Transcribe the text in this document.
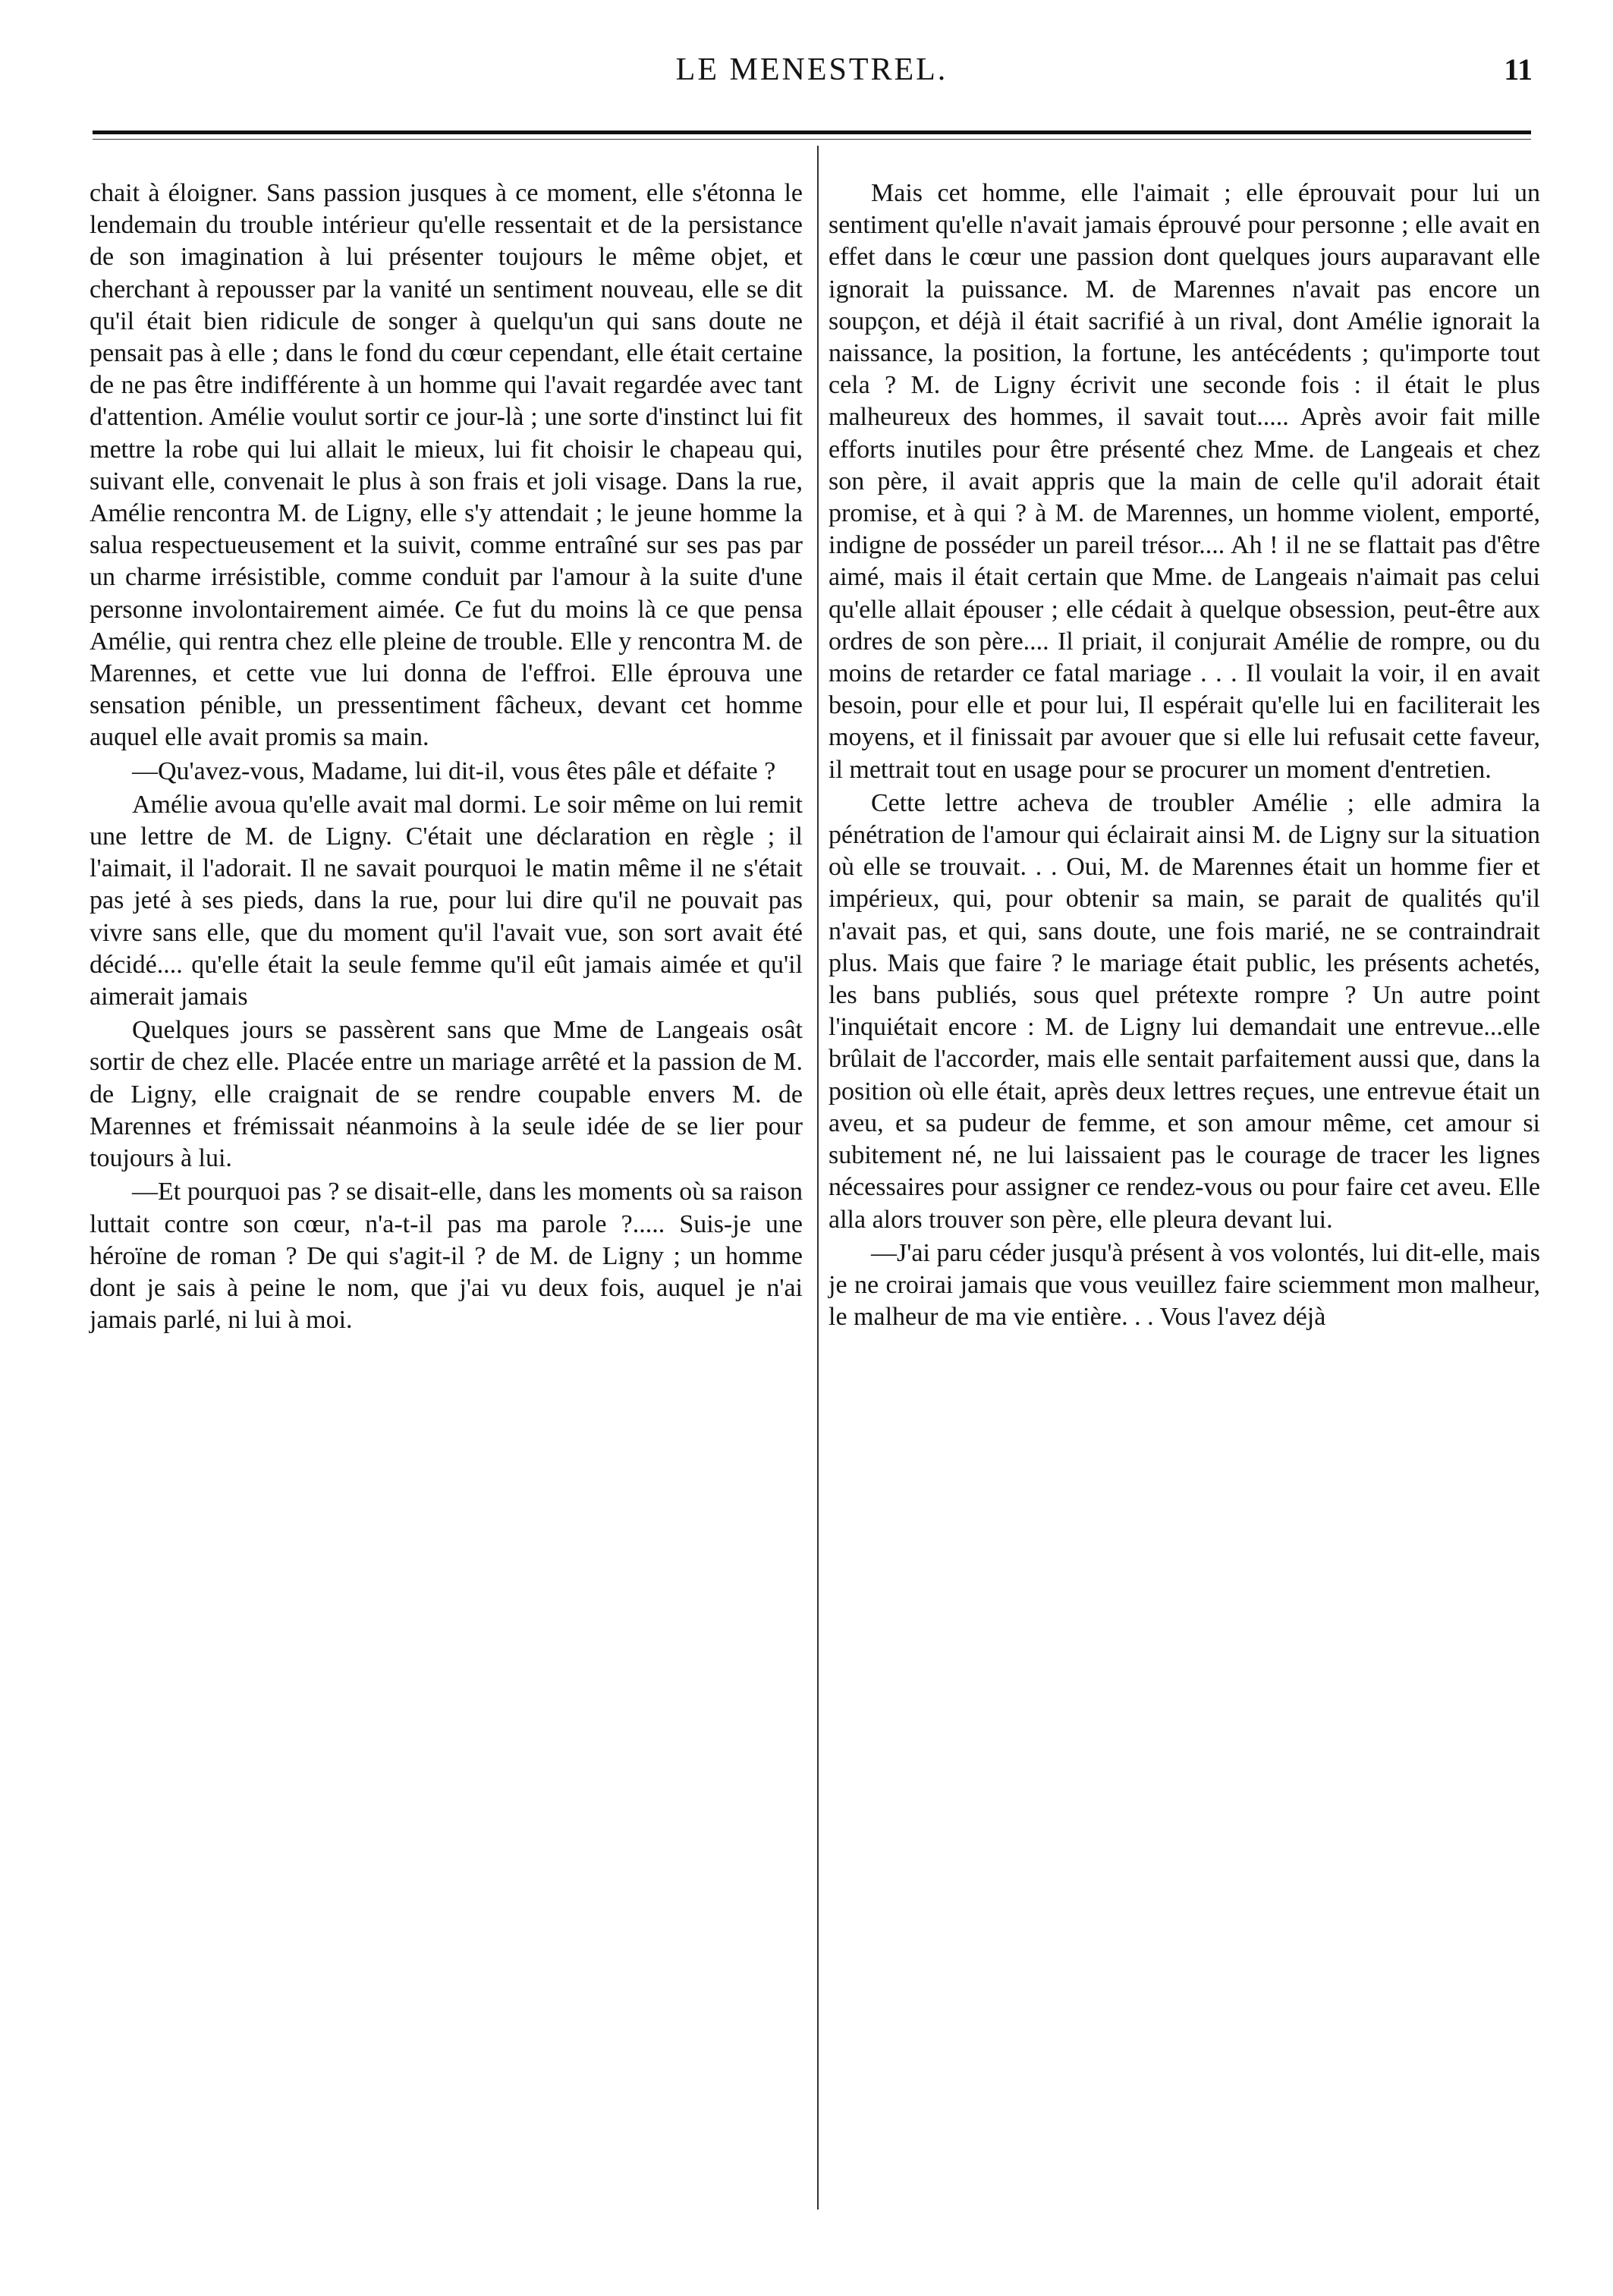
LE MENESTREL.	11

chait à éloigner. Sans passion jusques à ce moment, elle s'étonna le lendemain du trouble intérieur qu'elle ressentait et de la persistance de son imagination à lui présenter toujours le même objet, et cherchant à repousser par la vanité un sentiment nouveau, elle se dit qu'il était bien ridicule de songer à quelqu'un qui sans doute ne pensait pas à elle ; dans le fond du cœur cependant, elle était certaine de ne pas être indifférente à un homme qui l'avait regardée avec tant d'attention. Amélie voulut sortir ce jour-là ; une sorte d'instinct lui fit mettre la robe qui lui allait le mieux, lui fit choisir le chapeau qui, suivant elle, convenait le plus à son frais et joli visage. Dans la rue, Amélie rencontra M. de Ligny, elle s'y attendait ; le jeune homme la salua respectueusement et la suivit, comme entraîné sur ses pas par un charme irrésistible, comme conduit par l'amour à la suite d'une personne involontairement aimée. Ce fut du moins là ce que pensa Amélie, qui rentra chez elle pleine de trouble. Elle y rencontra M. de Marennes, et cette vue lui donna de l'effroi. Elle éprouva une sensation pénible, un pressentiment fâcheux, devant cet homme auquel elle avait promis sa main.

—Qu'avez-vous, Madame, lui dit-il, vous êtes pâle et défaite ?

Amélie avoua qu'elle avait mal dormi. Le soir même on lui remit une lettre de M. de Ligny. C'était une déclaration en règle ; il l'aimait, il l'adorait. Il ne savait pourquoi le matin même il ne s'était pas jeté à ses pieds, dans la rue, pour lui dire qu'il ne pouvait pas vivre sans elle, que du moment qu'il l'avait vue, son sort avait été décidé.... qu'elle était la seule femme qu'il eût jamais aimée et qu'il aimerait jamais

Quelques jours se passèrent sans que Mme de Langeais osât sortir de chez elle. Placée entre un mariage arrêté et la passion de M. de Ligny, elle craignait de se rendre coupable envers M. de Marennes et frémissait néanmoins à la seule idée de se lier pour toujours à lui.

—Et pourquoi pas ? se disait-elle, dans les moments où sa raison luttait contre son cœur, n'a-t-il pas ma parole ?..... Suis-je une héroïne de roman ? De qui s'agit-il ? de M. de Ligny ; un homme dont je sais à peine le nom, que j'ai vu deux fois, auquel je n'ai jamais parlé, ni lui à moi.

Mais cet homme, elle l'aimait ; elle éprouvait pour lui un sentiment qu'elle n'avait jamais éprouvé pour personne ; elle avait en effet dans le cœur une passion dont quelques jours auparavant elle ignorait la puissance. M. de Marennes n'avait pas encore un soupçon, et déjà il était sacrifié à un rival, dont Amélie ignorait la naissance, la position, la fortune, les antécédents ; qu'importe tout cela ? M. de Ligny écrivit une seconde fois : il était le plus malheureux des hommes, il savait tout..... Après avoir fait mille efforts inutiles pour être présenté chez Mme. de Langeais et chez son père, il avait appris que la main de celle qu'il adorait était promise, et à qui ? à M. de Marennes, un homme violent, emporté, indigne de posséder un pareil trésor.... Ah ! il ne se flattait pas d'être aimé, mais il était certain que Mme. de Langeais n'aimait pas celui qu'elle allait épouser ; elle cédait à quelque obsession, peut-être aux ordres de son père.... Il priait, il conjurait Amélie de rompre, ou du moins de retarder ce fatal mariage . . . Il voulait la voir, il en avait besoin, pour elle et pour lui, Il espérait qu'elle lui en faciliterait les moyens, et il finissait par avouer que si elle lui refusait cette faveur, il mettrait tout en usage pour se procurer un moment d'entretien.

Cette lettre acheva de troubler Amélie ; elle admira la pénétration de l'amour qui éclairait ainsi M. de Ligny sur la situation où elle se trouvait. . . Oui, M. de Marennes était un homme fier et impérieux, qui, pour obtenir sa main, se parait de qualités qu'il n'avait pas, et qui, sans doute, une fois marié, ne se contraindrait plus. Mais que faire ? le mariage était public, les présents achetés, les bans publiés, sous quel prétexte rompre ? Un autre point l'inquiétait encore : M. de Ligny lui demandait une entrevue...elle brûlait de l'accorder, mais elle sentait parfaitement aussi que, dans la position où elle était, après deux lettres reçues, une entrevue était un aveu, et sa pudeur de femme, et son amour même, cet amour si subitement né, ne lui laissaient pas le courage de tracer les lignes nécessaires pour assigner ce rendez-vous ou pour faire cet aveu. Elle alla alors trouver son père, elle pleura devant lui.

—J'ai paru céder jusqu'à présent à vos volontés, lui dit-elle, mais je ne croirai jamais que vous veuillez faire sciemment mon malheur, le malheur de ma vie entière. . . Vous l'avez déjà
